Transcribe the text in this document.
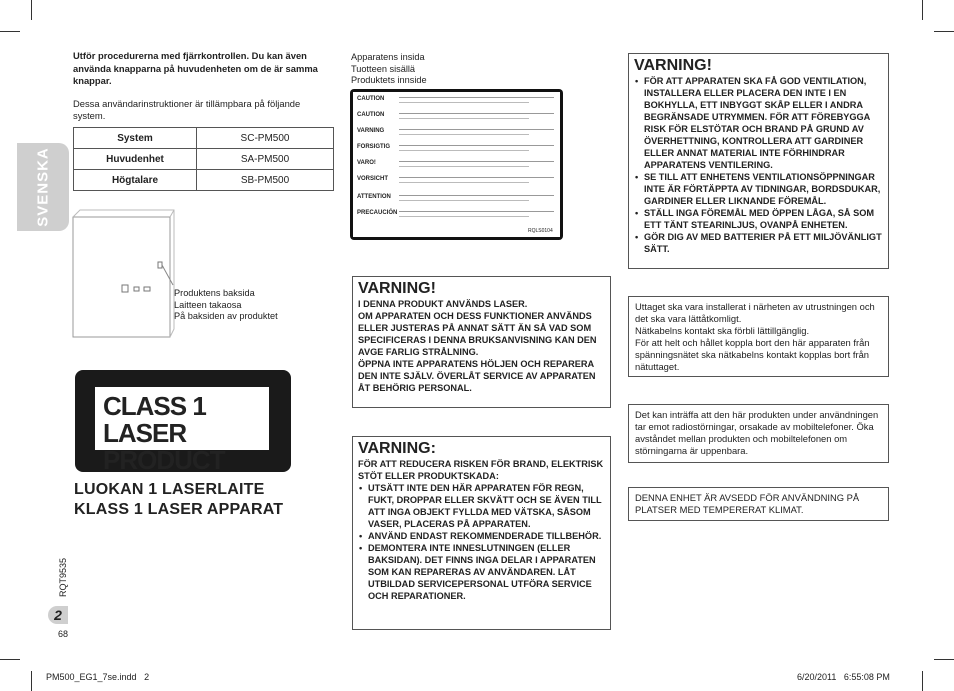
SVENSKA
Utför procedurerna med fjärrkontrollen. Du kan även använda knapparna på huvudenheten om de är samma knappar.
Dessa användarinstruktioner är tillämpbara på följande system.
System	SC-PM500
Huvudenhet	SA-PM500
Högtalare	SB-PM500
Produktens baksida
Laitteen takaosa
På baksiden av produktet
CLASS 1
LASER PRODUCT
LUOKAN 1 LASERLAITE
KLASS 1 LASER APPARAT
Apparatens insida
Tuotteen sisällä
Produktets innside
CAUTION
CAUTION
VARNING
FORSIGTIG
VARO!
VORSICHT
ATTENTION
PRECAUCIÓN
RQLS0104
VARNING!

I DENNA PRODUKT ANVÄNDS LASER.

OM APPARATEN OCH DESS FUNKTIONER ANVÄNDS ELLER JUSTERAS PÅ ANNAT SÄTT ÄN SÅ VAD SOM SPECIFICERAS I DENNA BRUKSANVISNING KAN DEN AVGE FARLIG STRÅLNING.

ÖPPNA INTE APPARATENS HÖLJEN OCH REPARERA DEN INTE SJÄLV. ÖVERLÅT SERVICE AV APPARATEN ÅT BEHÖRIG PERSONAL.

VARNING:

FÖR ATT REDUCERA RISKEN FÖR BRAND, ELEKTRISK STÖT ELLER PRODUKTSKADA:

• UTSÄTT INTE DEN HÄR APPARATEN FÖR REGN, FUKT, DROPPAR ELLER SKVÄTT OCH SE ÄVEN TILL ATT INGA OBJEKT FYLLDA MED VÄTSKA, SÅSOM VASER, PLACERAS PÅ APPARATEN.
• ANVÄND ENDAST REKOMMENDERADE TILLBEHÖR.
• DEMONTERA INTE INNESLUTNINGEN (ELLER BAKSIDAN). DET FINNS INGA DELAR I APPARATEN SOM KAN REPARERAS AV ANVÄNDAREN. LÅT UTBILDAD SERVICEPERSONAL UTFÖRA SERVICE OCH REPARATIONER.
VARNING!
• FÖR ATT APPARATEN SKA FÅ GOD VENTILATION, INSTALLERA ELLER PLACERA DEN INTE I EN BOKHYLLA, ETT INBYGGT SKÅP ELLER I ANDRA BEGRÄNSADE UTRYMMEN. FÖR ATT FÖREBYGGA RISK FÖR ELSTÖTAR OCH BRAND PÅ GRUND AV ÖVERHETTNING, KONTROLLERA ATT GARDINER ELLER ANNAT MATERIAL INTE FÖRHINDRAR APPARATENS VENTILERING.
• SE TILL ATT ENHETENS VENTILATIONSÖPPNINGAR INTE ÄR FÖRTÄPPTA AV TIDNINGAR, BORDSDUKAR, GARDINER ELLER LIKNANDE FÖREMÅL.
• STÄLL INGA FÖREMÅL MED ÖPPEN LÅGA, SÅ SOM ETT TÄNT STEARINLJUS, OVANPÅ ENHETEN.
• GÖR DIG AV MED BATTERIER PÅ ETT MILJÖVÄNLIGT SÄTT.
Uttaget ska vara installerat i närheten av utrustningen och det ska vara lättåtkomligt.
Nätkabelns kontakt ska förbli lättillgänglig.
För att helt och hållet koppla bort den här apparaten från spänningsnätet ska nätkabelns kontakt kopplas bort från nätuttaget.
Det kan inträffa att den här produkten under användningen tar emot radiostörningar, orsakade av mobiltelefoner. Öka avståndet mellan produkten och mobiltelefonen om störningarna är uppenbara.
DENNA ENHET ÄR AVSEDD FÖR ANVÄNDNING PÅ PLATSER MED TEMPERERAT KLIMAT.
RQT9535
2
68
PM500_EG1_7se.indd   2	6/20/2011   6:55:08 PM
